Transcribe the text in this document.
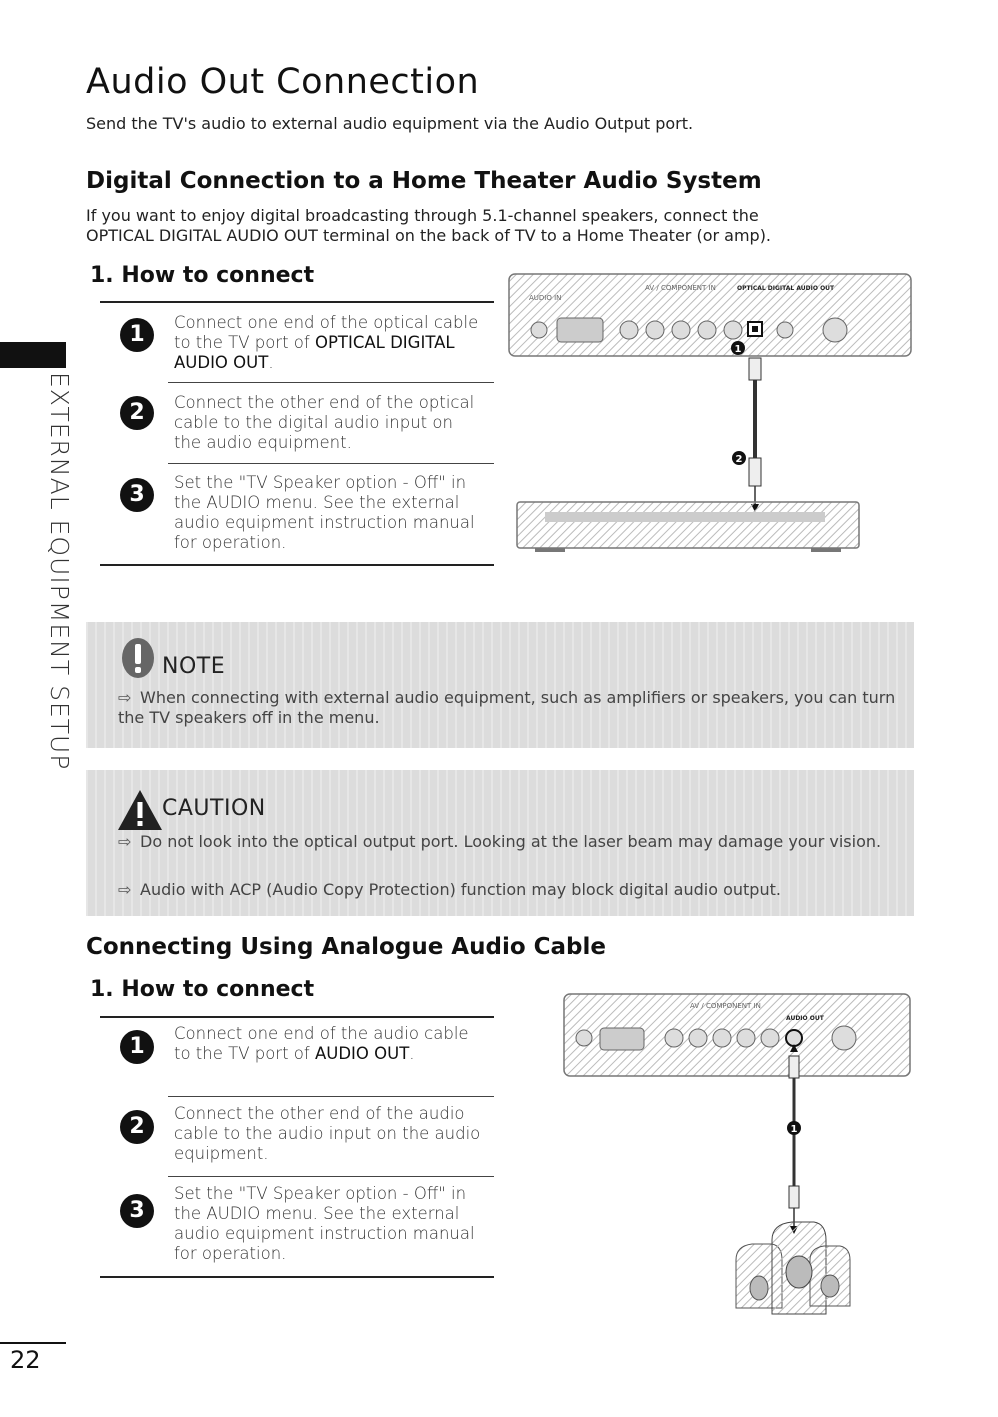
Audio Out Connection
Send the TV's audio to external audio equipment via the Audio Output port.
EXTERNAL EQUIPMENT SETUP
Digital Connection to a Home Theater Audio System
If you want to enjoy digital broadcasting through 5.1-channel speakers, connect the
OPTICAL DIGITAL AUDIO OUT terminal on the back of TV to a Home Theater (or amp).
1. How to connect
1	Connect one end of the optical cable to the TV port of OPTICAL DIGITAL AUDIO OUT.
2	Connect the other end of the optical cable to the digital audio input on the audio equipment.
3	Set the "TV Speaker option - Off" in the AUDIO menu. See the external audio equipment instruction manual for operation.
AUDIO IN
AV / COMPONENT IN	OPTICAL DIGITAL AUDIO OUT
1
2
NOTE
⇨ When connecting with external audio equipment, such as amplifiers or speakers, you can turn the TV speakers off in the menu.
CAUTION
⇨ Do not look into the optical output port. Looking at the laser beam may damage your vision.
⇨ Audio with ACP (Audio Copy Protection) function may block digital audio output.
Connecting Using Analogue Audio Cable
1. How to connect
1
Connect one end of the audio cable to the TV port of AUDIO OUT.
2
Connect the other end of the audio cable to the audio input on the audio equipment.
3
Set the "TV Speaker option - Off" in the AUDIO menu. See the external audio equipment instruction manual for operation.
AV / COMPONENT IN
AUDIO OUT
1
22
